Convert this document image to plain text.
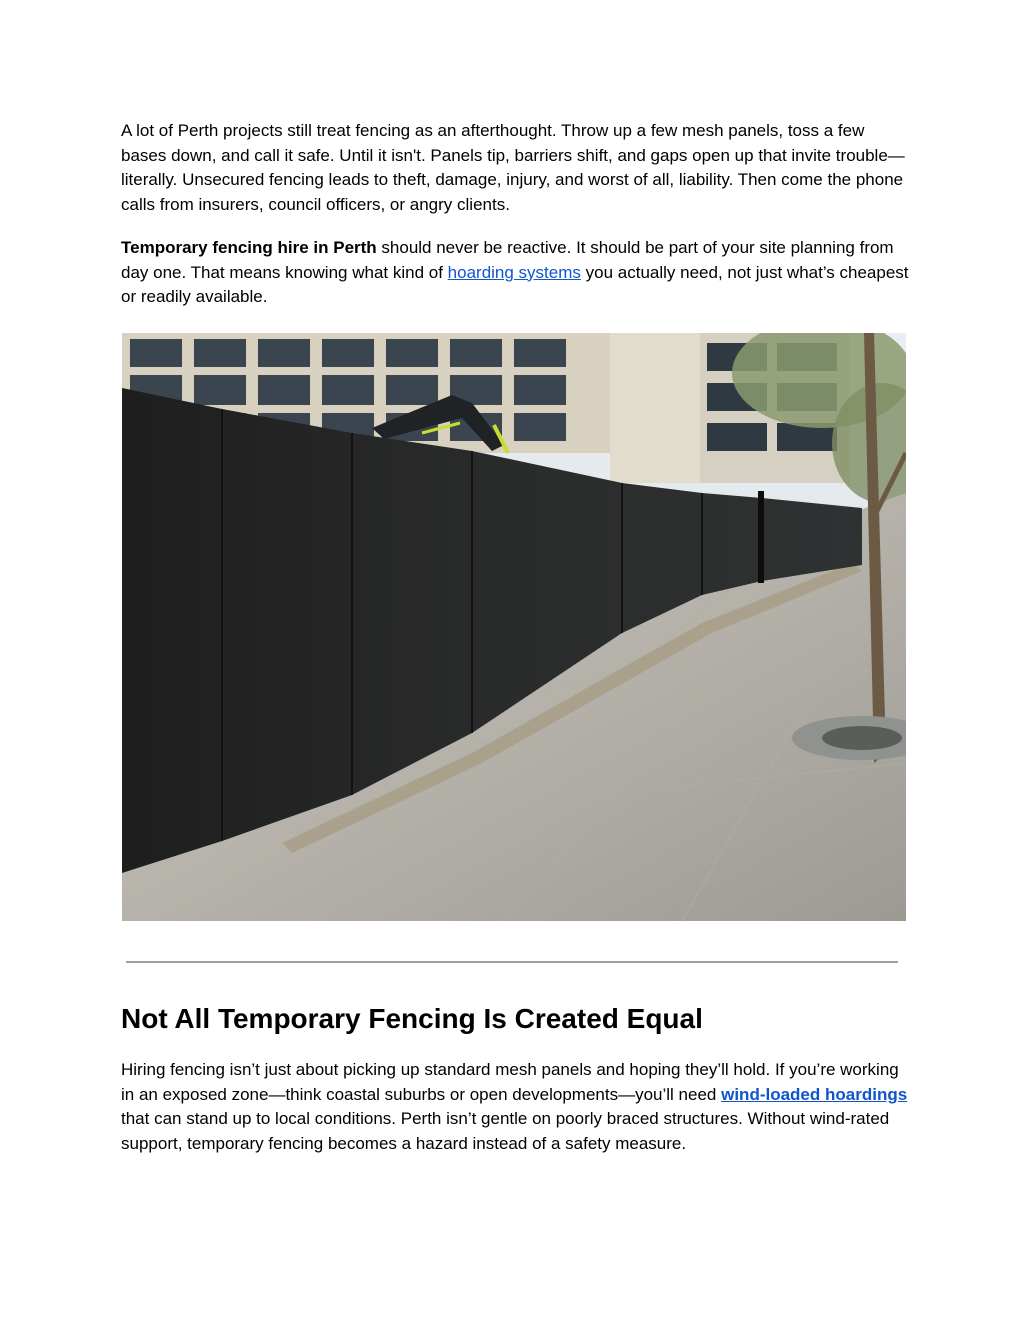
A lot of Perth projects still treat fencing as an afterthought. Throw up a few mesh panels, toss a few bases down, and call it safe. Until it isn't. Panels tip, barriers shift, and gaps open up that invite trouble—literally. Unsecured fencing leads to theft, damage, injury, and worst of all, liability. Then come the phone calls from insurers, council officers, or angry clients.

Temporary fencing hire in Perth should never be reactive. It should be part of your site planning from day one. That means knowing what kind of hoarding systems you actually need, not just what’s cheapest or readily available.

Not All Temporary Fencing Is Created Equal

Hiring fencing isn’t just about picking up standard mesh panels and hoping they’ll hold. If you’re working in an exposed zone—think coastal suburbs or open developments—you’ll need wind-loaded hoardings that can stand up to local conditions. Perth isn’t gentle on poorly braced structures. Without wind-rated support, temporary fencing becomes a hazard instead of a safety measure.
